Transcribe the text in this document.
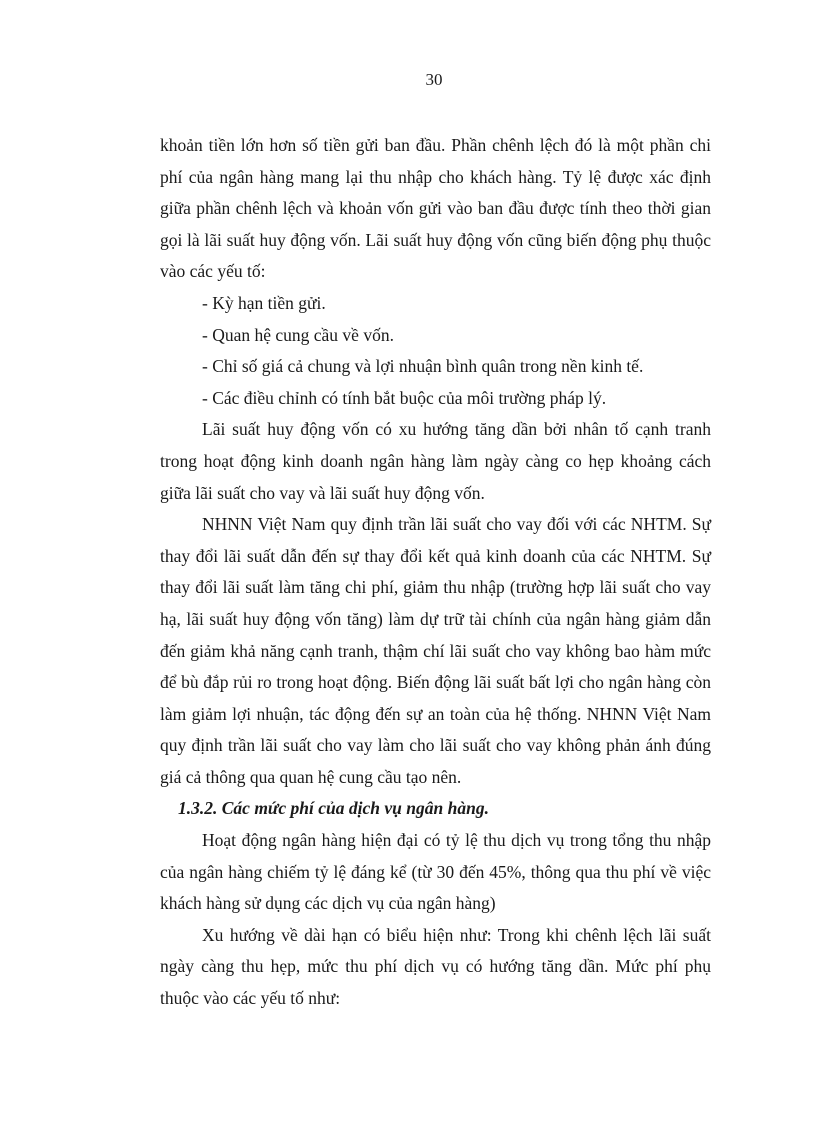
30
khoản tiền lớn hơn số tiền gửi ban đầu. Phần chênh lệch đó là một phần chi
phí của ngân hàng mang lại thu nhập cho khách hàng. Tỷ lệ được xác định
giữa phần chênh lệch và khoản vốn gửi vào ban đầu được tính theo thời gian
gọi là lãi suất huy động vốn. Lãi suất huy động vốn cũng biến động phụ thuộc
vào các yếu tố:
- Kỳ hạn tiền gửi.
- Quan hệ cung cầu về vốn.
- Chỉ số giá cả chung và lợi nhuận bình quân trong nền kinh tế.
- Các điều chỉnh có tính bắt buộc của môi trường pháp lý.
Lãi suất huy động vốn có xu hướng tăng dần bởi nhân tố cạnh tranh
trong hoạt động kinh doanh ngân hàng làm ngày càng co hẹp khoảng cách
giữa lãi suất cho vay và lãi suất huy động vốn.
NHNN Việt Nam quy định trần lãi suất cho vay đối với các NHTM. Sự
thay đổi lãi suất dẫn đến sự thay đổi kết quả kinh doanh của các NHTM. Sự
thay đổi lãi suất làm tăng chi phí, giảm thu nhập (trường hợp lãi suất cho vay
hạ, lãi suất huy động vốn tăng) làm dự trữ tài chính của ngân hàng giảm dẫn
đến giảm khả năng cạnh tranh, thậm chí lãi suất cho vay không bao hàm mức
để bù đắp rủi ro trong hoạt động. Biến động lãi suất bất lợi cho ngân hàng còn
làm giảm lợi nhuận, tác động đến sự an toàn của hệ thống. NHNN Việt Nam
quy định trần lãi suất cho vay làm cho lãi suất cho vay không phản ánh đúng
giá cả thông qua quan hệ cung cầu tạo nên.
1.3.2. Các mức phí của dịch vụ ngân hàng.
Hoạt động ngân hàng hiện đại có tỷ lệ thu dịch vụ trong tổng thu nhập
của ngân hàng chiếm tỷ lệ đáng kể (từ 30 đến 45%, thông qua thu phí về việc
khách hàng sử dụng các dịch vụ của ngân hàng)
Xu hướng về dài hạn có biểu hiện như: Trong khi chênh lệch lãi suất
ngày càng thu hẹp, mức thu phí dịch vụ có hướng tăng dần. Mức phí phụ
thuộc vào các yếu tố như:
